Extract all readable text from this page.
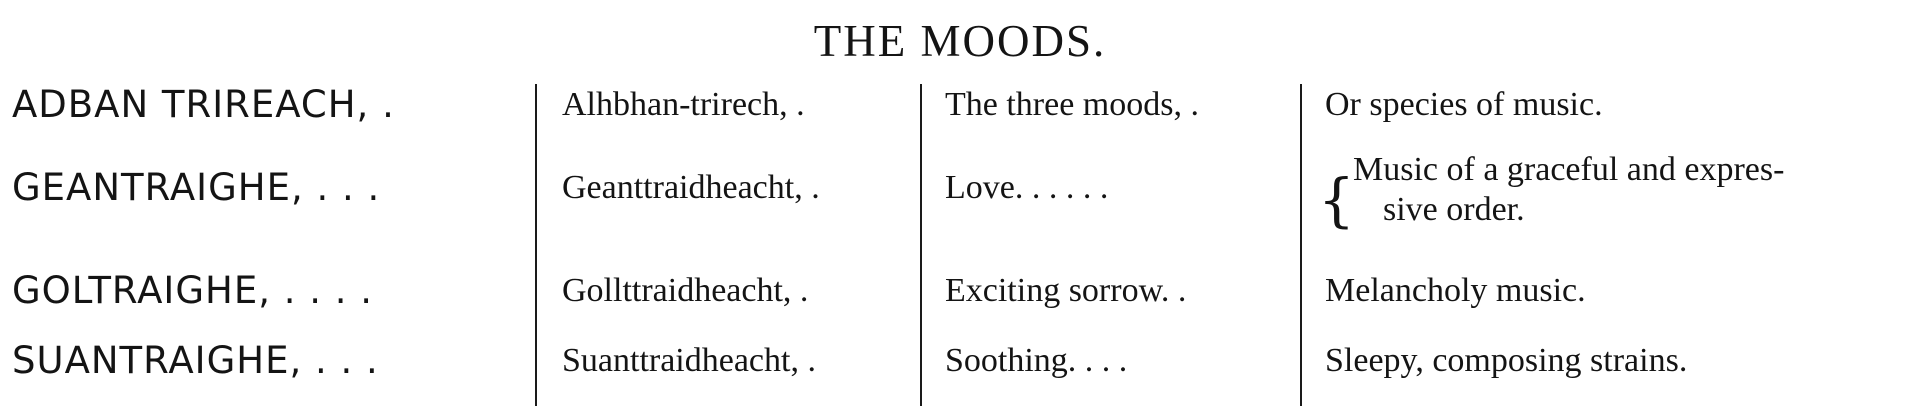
THE MOODS.
ADBAN TRIREACH, .	Alhbhan-trirech, .	The three moods, .	Or species of music.
GEANTRAIGHE, . . .	Geanttraidheacht, .	Love. . . . . .	{
Music of a graceful and expres-
sive order.
GOLTRAIGHE, . . . .	Gollttraidheacht, .	Exciting sorrow. .	Melancholy music.
SUANTRAIGHE, . . .	Suanttraidheacht, .	Soothing. . . .	Sleepy, composing strains.
